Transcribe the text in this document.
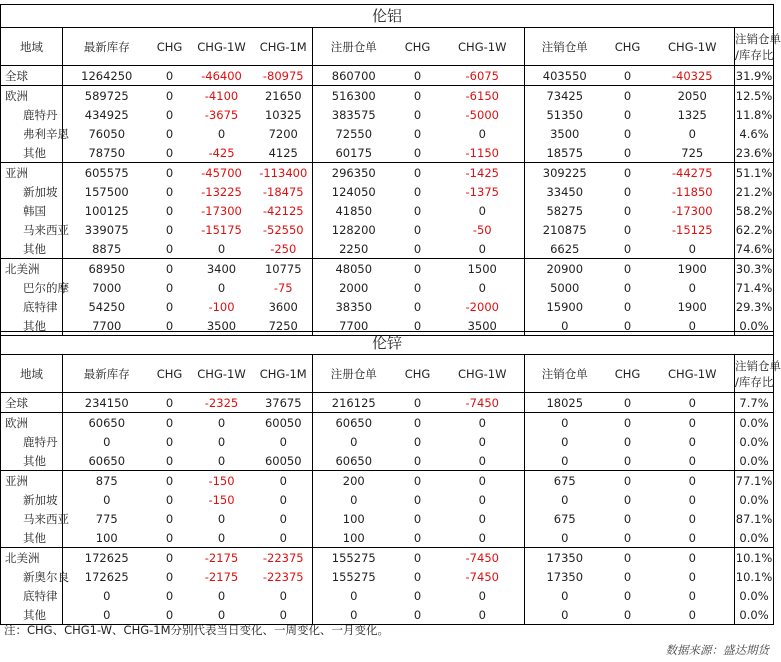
伦铝											
地域	最新库存	CHG	CHG-1W	CHG-1M	注册仓单	CHG	CHG-1W	注销仓单	CHG	CHG-1W	注销仓单
/库存比

全球	1264250	0	-46400	-80975	860700	0	-6075	403550	0	-40325	31.9%
欧洲	589725	0	-4100	21650	516300	0	-6150	73425	0	2050	12.5%
鹿特丹	434925	0	-3675	10325	383575	0	-5000	51350	0	1325	11.8%
弗利辛恩	76050	0	0	7200	72550	0	0	3500	0	0	4.6%
其他	78750	0	-425	4125	60175	0	-1150	18575	0	725	23.6%
亚洲	605575	0	-45700	-113400	296350	0	-1425	309225	0	-44275	51.1%
新加坡	157500	0	-13225	-18475	124050	0	-1375	33450	0	-11850	21.2%
韩国	100125	0	-17300	-42125	41850	0	0	58275	0	-17300	58.2%
马来西亚	339075	0	-15175	-52550	128200	0	-50	210875	0	-15125	62.2%
其他	8875	0	0	-250	2250	0	0	6625	0	0	74.6%
北美洲	68950	0	3400	10775	48050	0	1500	20900	0	1900	30.3%
巴尔的摩	7000	0	0	-75	2000	0	0	5000	0	0	71.4%
底特律	54250	0	-100	3600	38350	0	-2000	15900	0	1900	29.3%
其他	7700	0	3500	7250	7700	0	3500	0	0	0	0.0%
伦锌											
地域	最新库存	CHG	CHG-1W	CHG-1M	注册仓单	CHG	CHG-1W	注销仓单	CHG	CHG-1W	注销仓单
/库存比

全球	234150	0	-2325	37675	216125	0	-7450	18025	0	0	7.7%
欧洲	60650	0	0	60050	60650	0	0	0	0	0	0.0%
鹿特丹	0	0	0	0	0	0	0	0	0	0	0.0%
其他	60650	0	0	60050	60650	0	0	0	0	0	0.0%
亚洲	875	0	-150	0	200	0	0	675	0	0	77.1%
新加坡	0	0	-150	0	0	0	0	0	0	0	0.0%
马来西亚	775	0	0	0	100	0	0	675	0	0	87.1%
其他	100	0	0	0	100	0	0	0	0	0	0.0%
北美洲	172625	0	-2175	-22375	155275	0	-7450	17350	0	0	10.1%
新奥尔良	172625	0	-2175	-22375	155275	0	-7450	17350	0	0	10.1%
底特律	0	0	0	0	0	0	0	0	0	0	0.0%
其他	0	0	0	0	0	0	0	0	0	0	0.0%
注：CHG、CHG1-W、CHG-1M分别代表当日变化、一周变化、一月变化。
数据来源：盛达期货
